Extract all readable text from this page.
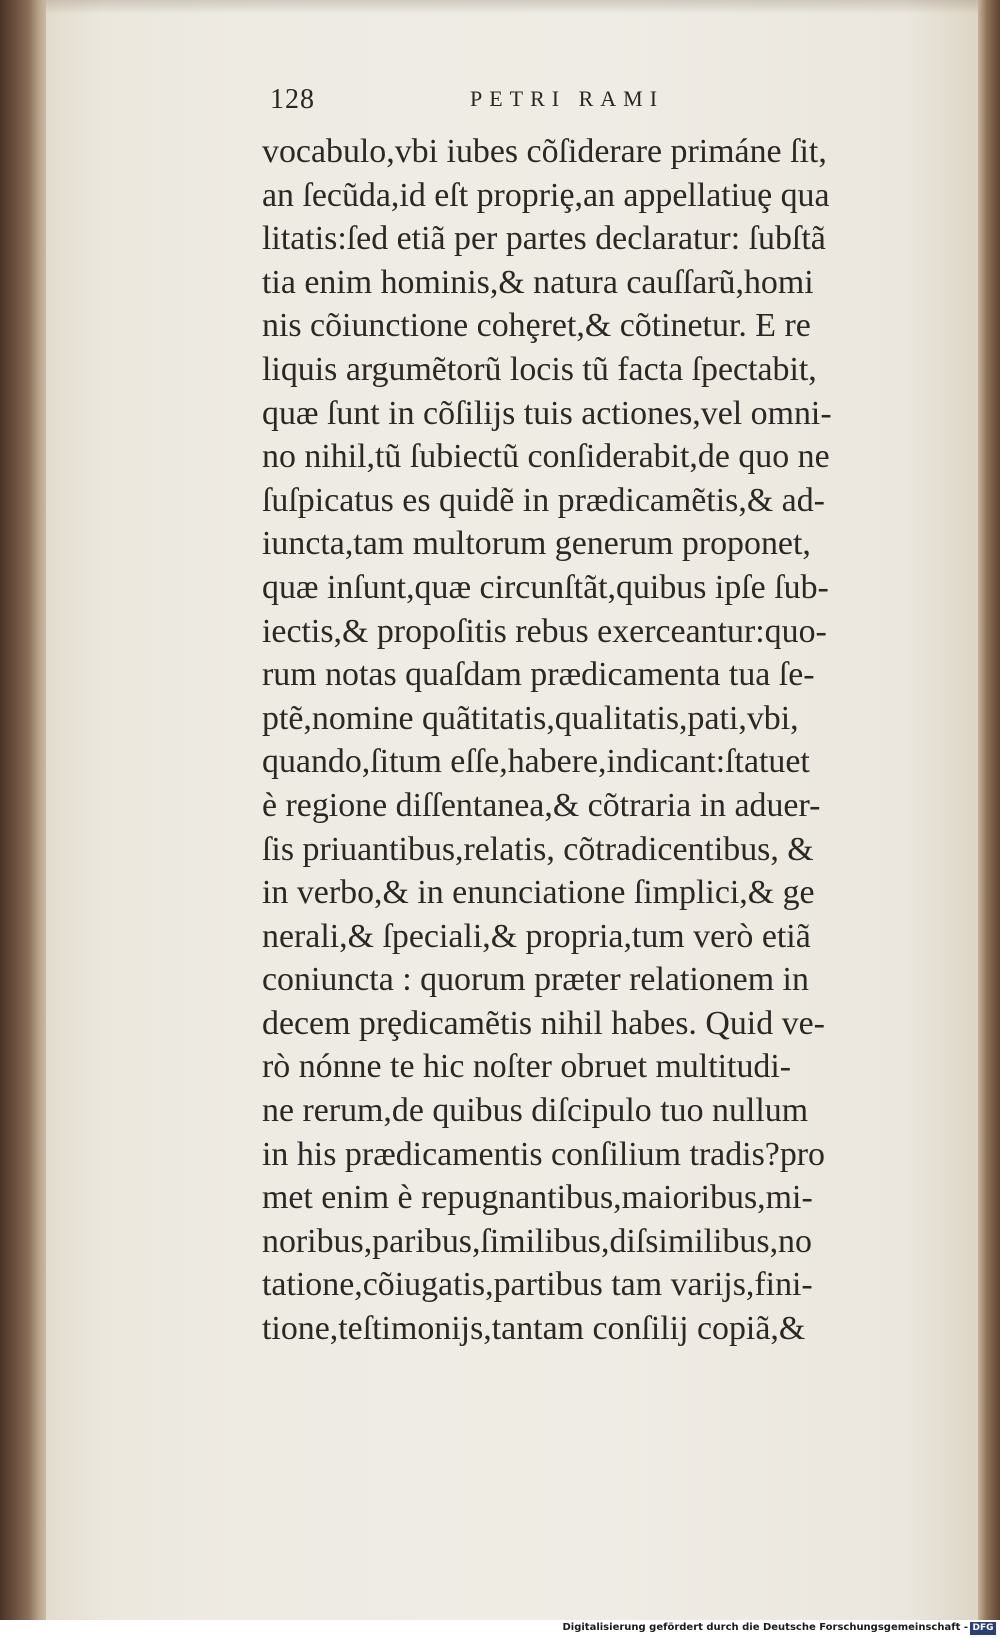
128	PETRI RAMI
vocabulo,vbi iubes cõſiderare primáne ſit,
an ſecũda,id eſt propriȩ,an appellatiuȩ qua
litatis:ſed etiã per partes declaratur: ſubſtã
tia enim hominis,& natura cauſſarũ,homi
nis cõiunctione cohȩret,& cõtinetur. E re
liquis argumẽtorũ locis tũ facta ſpectabit,
quæ ſunt in cõſilijs tuis actiones,vel omni-
no nihil,tũ ſubiectũ conſiderabit,de quo ne
ſuſpicatus es quidẽ in prædicamẽtis,& ad-
iuncta,tam multorum generum proponet,
quæ inſunt,quæ circunſtãt,quibus ipſe ſub-
iectis,& propoſitis rebus exerceantur:quo-
rum notas quaſdam prædicamenta tua ſe-
ptẽ,nomine quãtitatis,qualitatis,pati,vbi,
quando,ſitum eſſe,habere,indicant:ſtatuet
è regione diſſentanea,& cõtraria in aduer-
ſis priuantibus,relatis, cõtradicentibus, &
in verbo,& in enunciatione ſimplici,& ge
nerali,& ſpeciali,& propria,tum verò etiã
coniuncta : quorum præter relationem in
decem prȩdicamẽtis nihil habes. Quid ve-
rò nónne te hic noſter obruet multitudi-
ne rerum,de quibus diſcipulo tuo nullum
in his prædicamentis conſilium tradis?pro
met enim è repugnantibus,maioribus,mi-
noribus,paribus,ſimilibus,diſsimilibus,no
tatione,cõiugatis,partibus tam varijs,fini-
tione,teſtimonijs,tantam conſilij copiã,&
Digitalisierung gefördert durch die Deutsche Forschungsgemeinschaft - DFG
